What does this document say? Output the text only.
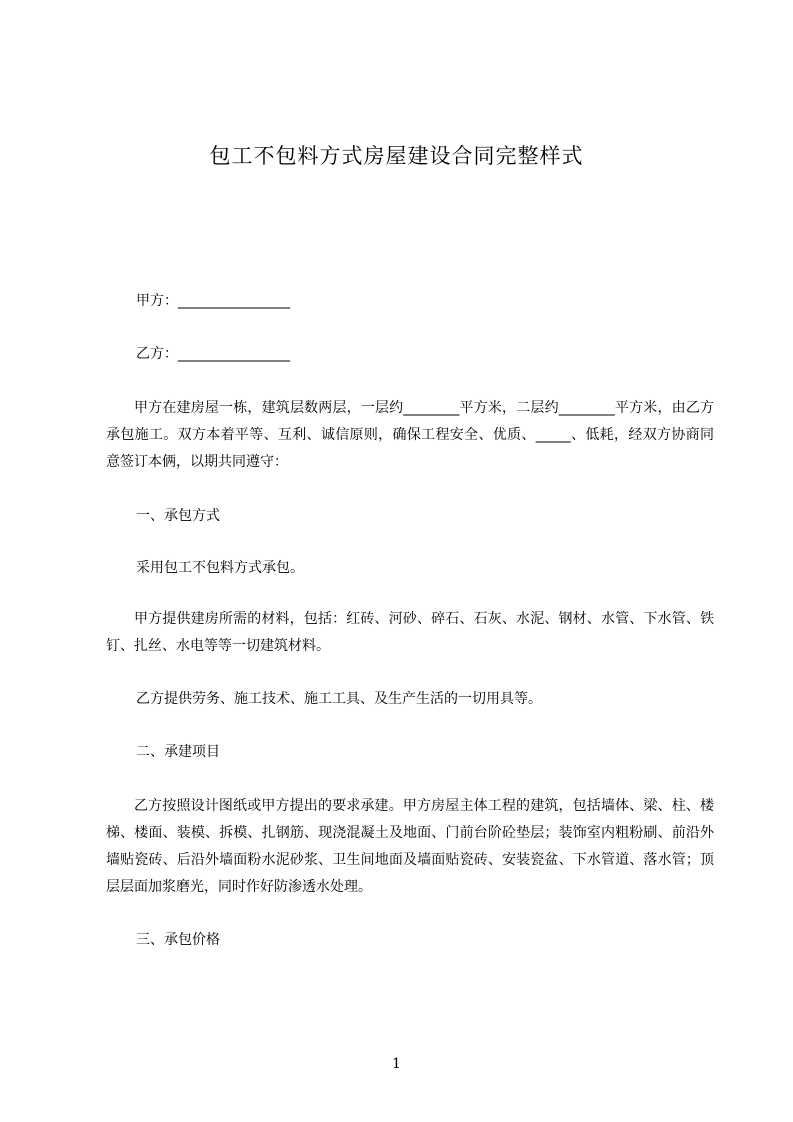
包工不包料方式房屋建设合同完整样式

甲方：________________

乙方：________________

甲方在建房屋一栋，建筑层数两层，一层约________平方米，二层约________平方米，由乙方承包施工。双方本着平等、互利、诚信原则，确保工程安全、优质、_____、低耗，经双方协商同意签订本俩，以期共同遵守：

一、承包方式

采用包工不包料方式承包。

甲方提供建房所需的材料，包括：红砖、河砂、碎石、石灰、水泥、钢材、水管、下水管、铁钉、扎丝、水电等等一切建筑材料。

乙方提供劳务、施工技术、施工工具、及生产生活的一切用具等。

二、承建项目

乙方按照设计图纸或甲方提出的要求承建。甲方房屋主体工程的建筑，包括墙体、梁、柱、楼梯、楼面、装模、拆模、扎钢筋、现浇混凝土及地面、门前台阶砼垫层；装饰室内粗粉刷、前沿外墙贴瓷砖、后沿外墙面粉水泥砂浆、卫生间地面及墙面贴瓷砖、安装瓷盆、下水管道、落水管；顶层层面加浆磨光，同时作好防渗透水处理。

三、承包价格

1
